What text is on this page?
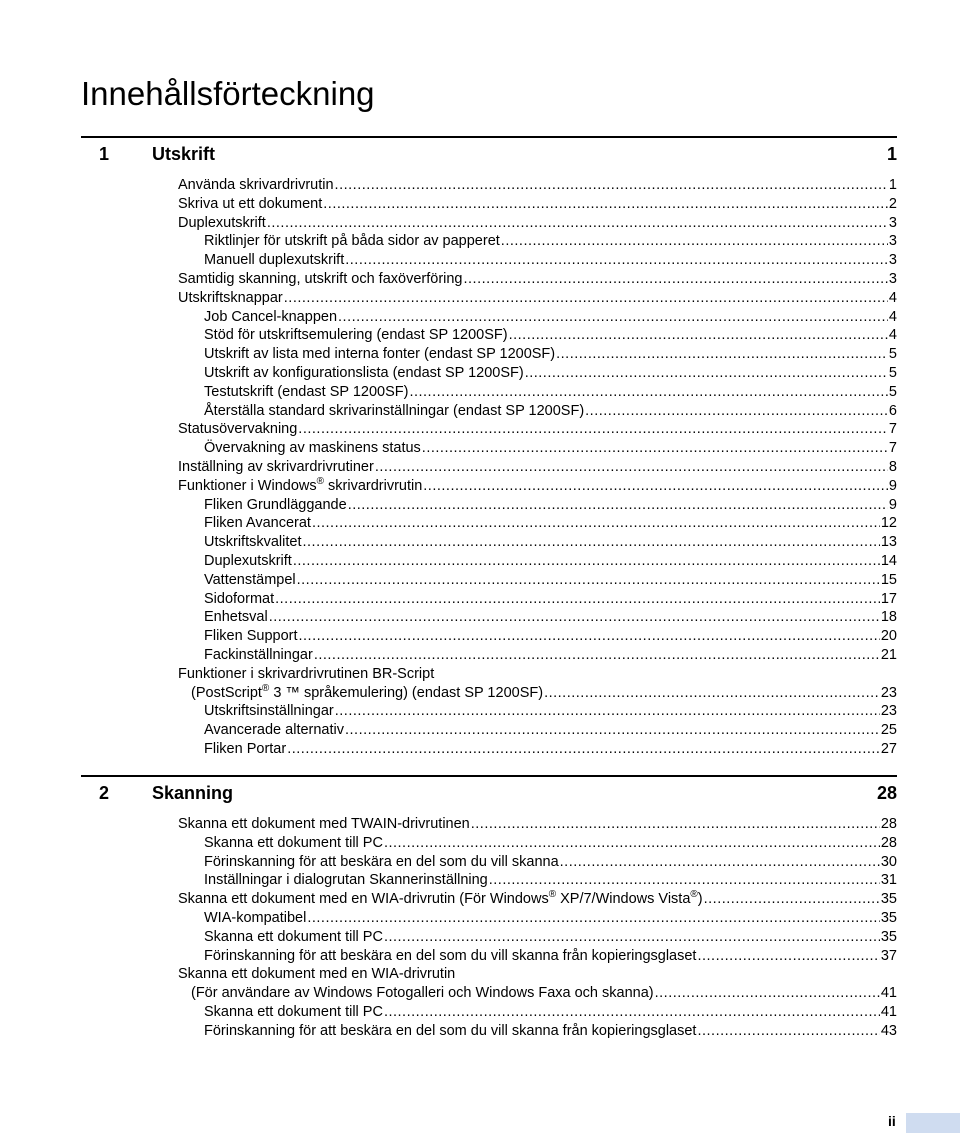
Innehållsförteckning
1 Utskrift	1
Använda skrivardrivrutin .....	1
Skriva ut ett dokument .....	2
Duplexutskrift .....	3
Riktlinjer för utskrift på båda sidor av papperet .....	3
Manuell duplexutskrift .....	3
Samtidig skanning, utskrift och faxöverföring .....	3
Utskriftsknappar .....	4
Job Cancel-knappen .....	4
Stöd för utskriftsemulering (endast SP 1200SF) .....	4
Utskrift av lista med interna fonter (endast SP 1200SF) .....	5
Utskrift av konfigurationslista (endast SP 1200SF) .....	5
Testutskrift (endast SP 1200SF) .....	5
Återställa standard skrivarinställningar (endast SP 1200SF) .....	6
Statusövervakning .....	7
Övervakning av maskinens status .....	7
Inställning av skrivardrivrutiner .....	8
Funktioner i Windows® skrivardrivrutin .....	9
Fliken Grundläggande .....	9
Fliken Avancerat .....	12
Utskriftskvalitet .....	13
Duplexutskrift .....	14
Vattenstämpel .....	15
Sidoformat .....	17
Enhetsval .....	18
Fliken Support .....	20
Fackinställningar .....	21
Funktioner i skrivardrivrutinen BR-Script
(PostScript® 3 ™ språkemulering) (endast SP 1200SF) .....	23
Utskriftsinställningar .....	23
Avancerade alternativ .....	25
Fliken Portar .....	27
2 Skanning	28
Skanna ett dokument med TWAIN-drivrutinen .....	28
Skanna ett dokument till PC .....	28
Förinskanning för att beskära en del som du vill skanna .....	30
Inställningar i dialogrutan Skannerinställning .....	31
Skanna ett dokument med en WIA-drivrutin (För Windows® XP/7/Windows Vista®) .....	35
WIA-kompatibel .....	35
Skanna ett dokument till PC .....	35
Förinskanning för att beskära en del som du vill skanna från kopieringsglaset .....	37
Skanna ett dokument med en WIA-drivrutin
(För användare av Windows Fotogalleri och Windows Faxa och skanna) .....	41
Skanna ett dokument till PC .....	41
Förinskanning för att beskära en del som du vill skanna från kopieringsglaset .....	43
ii
